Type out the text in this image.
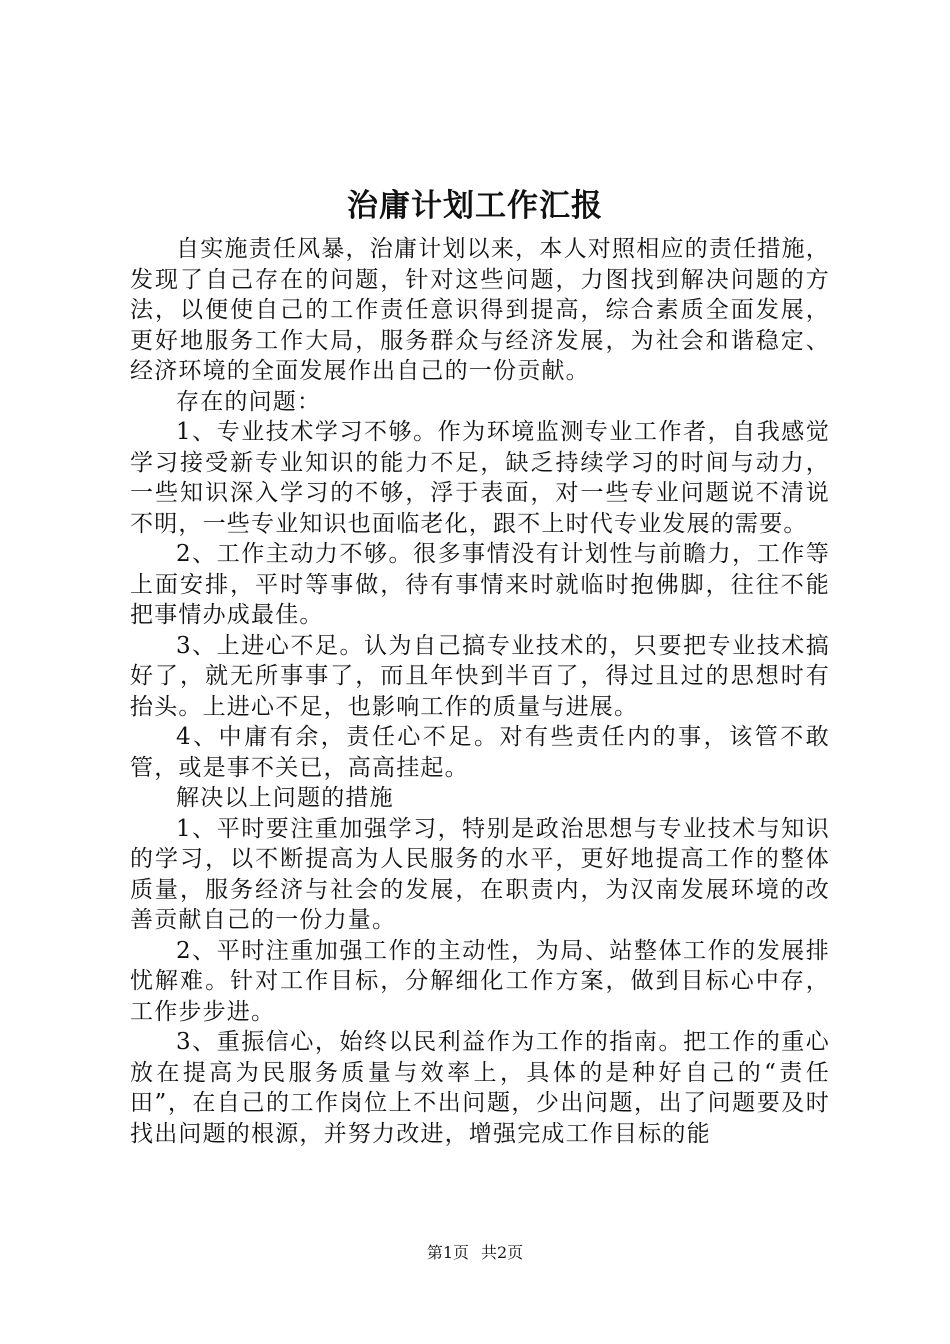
治庸计划工作汇报

自实施责任风暴，治庸计划以来，本人对照相应的责任措施，发现了自己存在的问题，针对这些问题，力图找到解决问题的方法，以便使自己的工作责任意识得到提高，综合素质全面发展，更好地服务工作大局，服务群众与经济发展，为社会和谐稳定、经济环境的全面发展作出自己的一份贡献。

存在的问题：

1、专业技术学习不够。作为环境监测专业工作者，自我感觉学习接受新专业知识的能力不足，缺乏持续学习的时间与动力，一些知识深入学习的不够，浮于表面，对一些专业问题说不清说不明，一些专业知识也面临老化，跟不上时代专业发展的需要。

2、工作主动力不够。很多事情没有计划性与前瞻力，工作等上面安排，平时等事做，待有事情来时就临时抱佛脚，往往不能把事情办成最佳。

3、上进心不足。认为自己搞专业技术的，只要把专业技术搞好了，就无所事事了，而且年快到半百了，得过且过的思想时有抬头。上进心不足，也影响工作的质量与进展。

4、中庸有余，责任心不足。对有些责任内的事，该管不敢管，或是事不关已，高高挂起。

解决以上问题的措施

1、平时要注重加强学习，特别是政治思想与专业技术与知识的学习，以不断提高为人民服务的水平，更好地提高工作的整体质量，服务经济与社会的发展，在职责内，为汉南发展环境的改善贡献自己的一份力量。

2、平时注重加强工作的主动性，为局、站整体工作的发展排忧解难。针对工作目标，分解细化工作方案，做到目标心中存，工作步步进。

3、重振信心，始终以民利益作为工作的指南。把工作的重心放在提高为民服务质量与效率上，具体的是种好自己的“责任田”，在自己的工作岗位上不出问题，少出问题，出了问题要及时找出问题的根源，并努力改进，增强完成工作目标的能

第1页 共2页
